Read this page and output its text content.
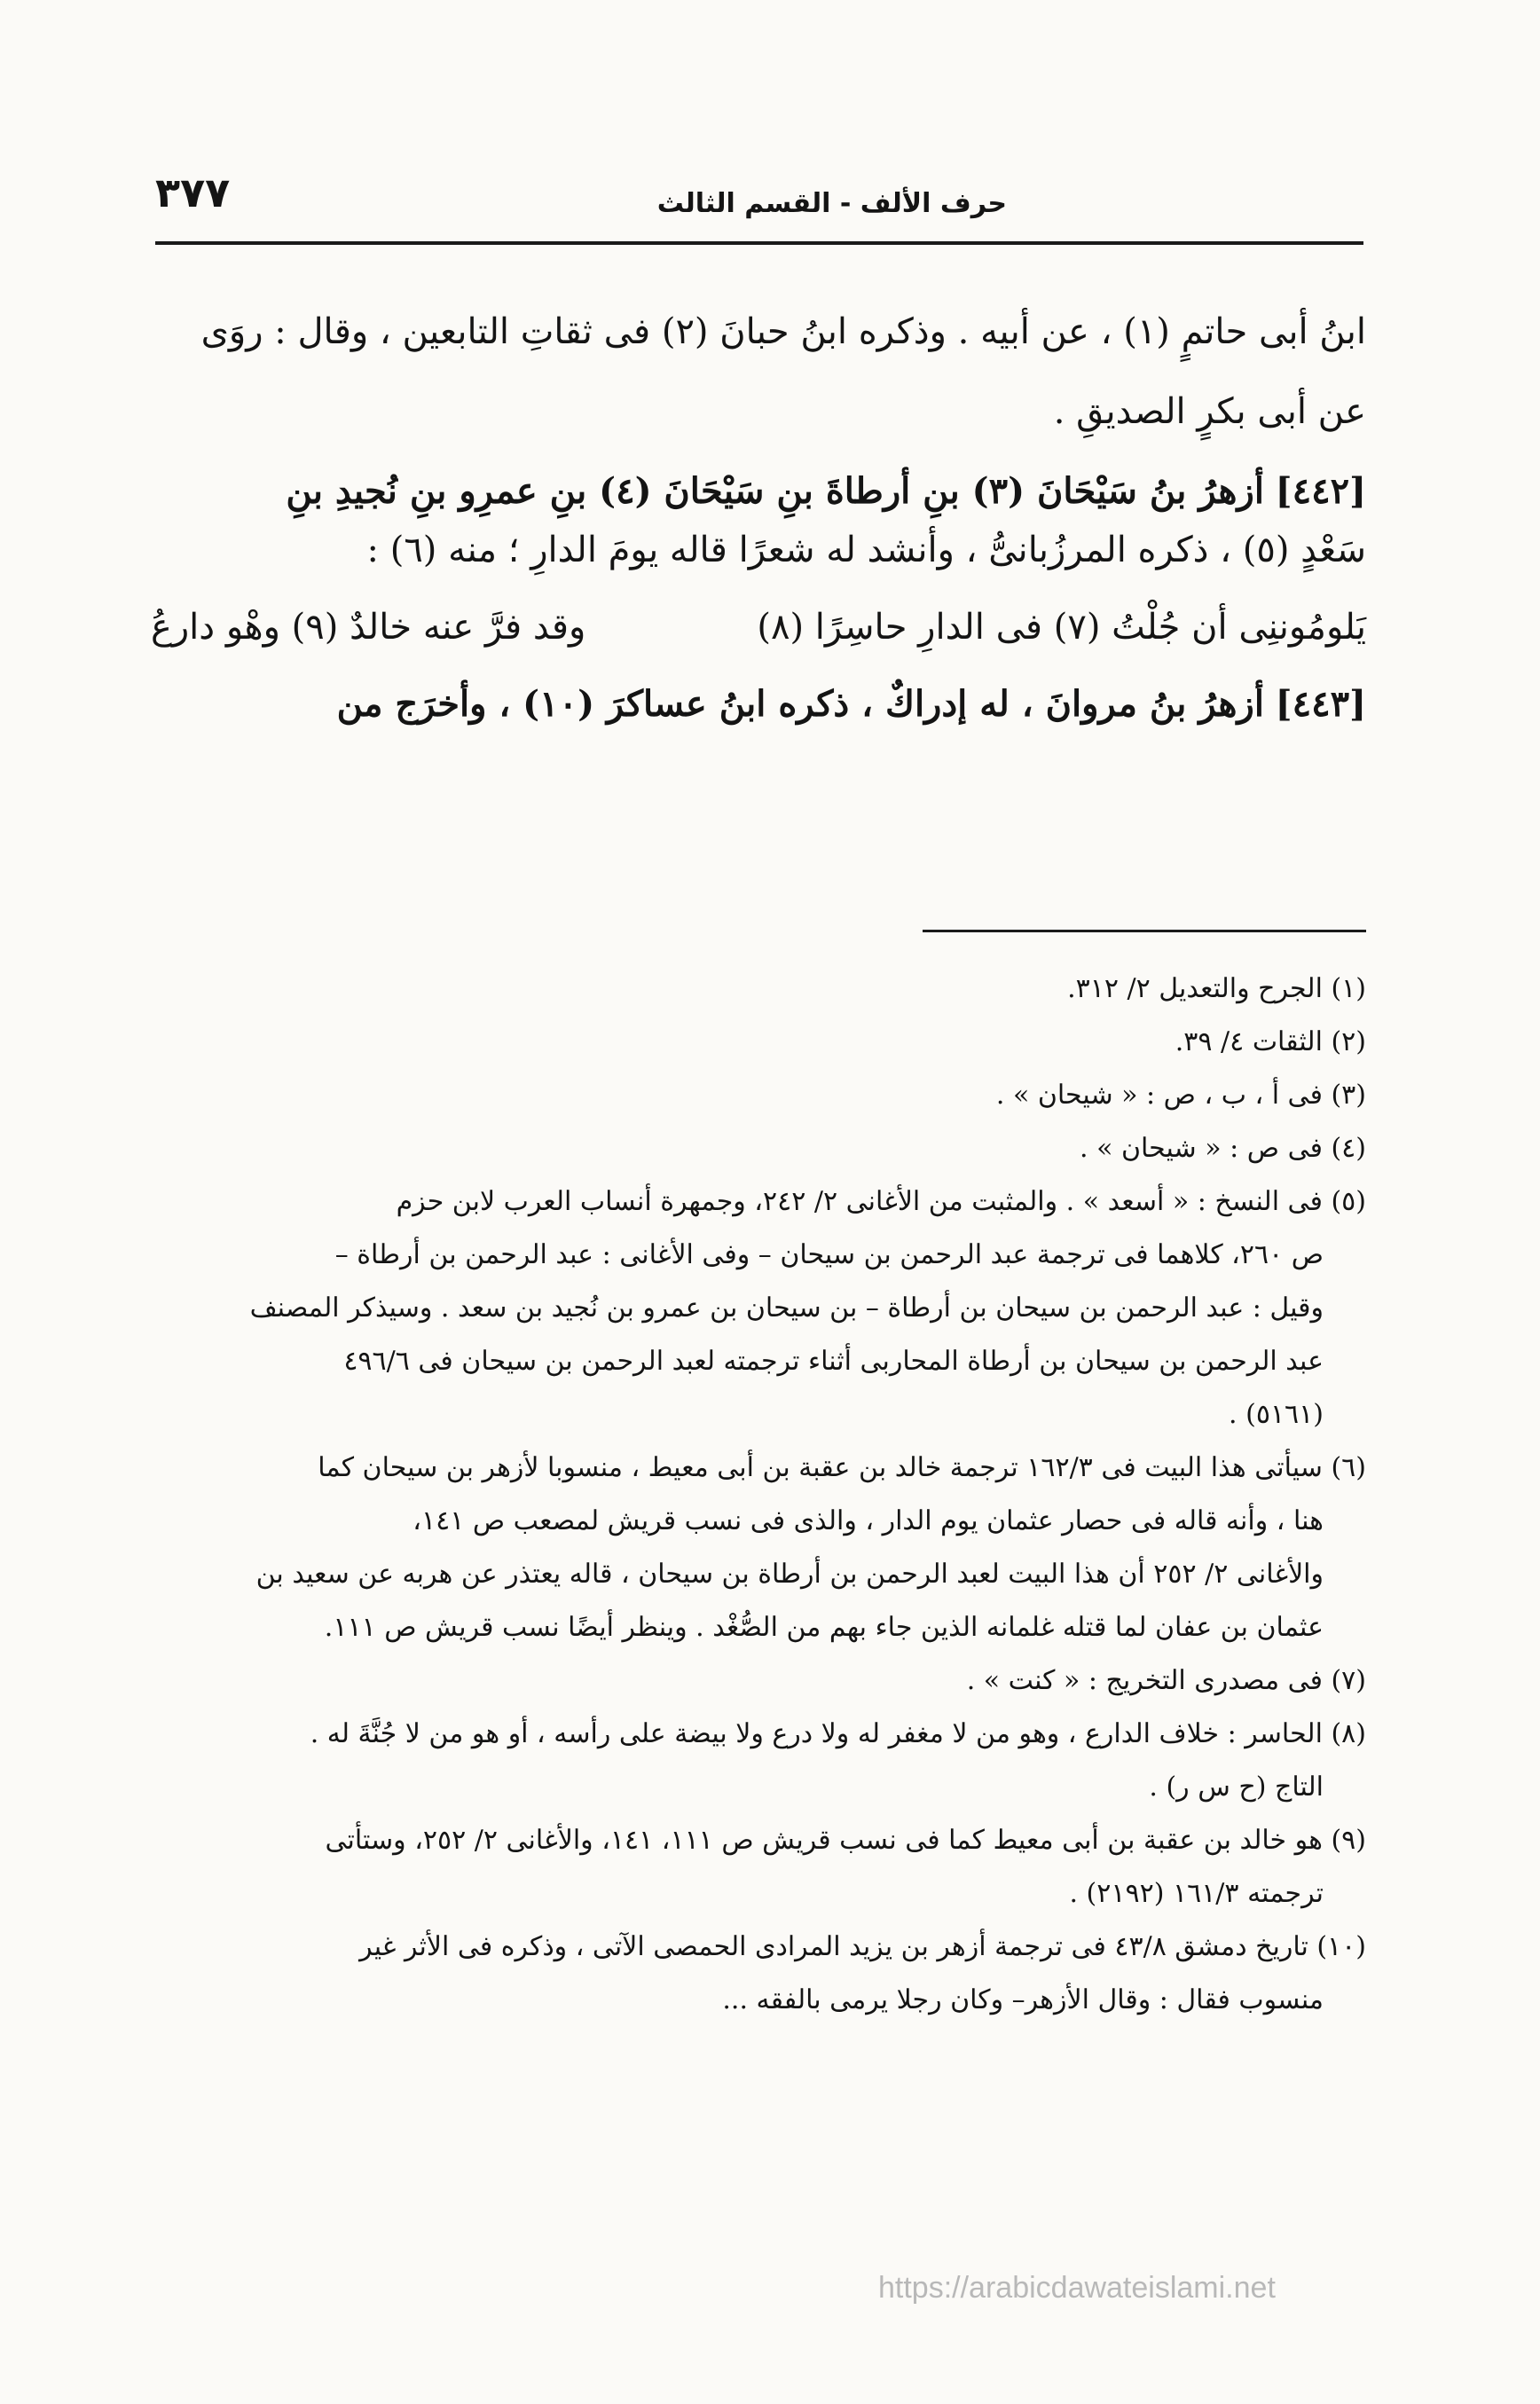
٣٧٧	حرف الألف - القسم الثالث
ابنُ أبى حاتمٍ (١) ، عن أبيه . وذكره ابنُ حبانَ (٢) فى ثقاتِ التابعين ، وقال : روَى
عن أبى بكرٍ الصديقِ .
[٤٤٢] أزهرُ بنُ سَيْحَانَ (٣) بنِ أرطاةَ بنِ سَيْحَانَ (٤) بنِ عمرِو بنِ نُجيدِ بنِ
سَعْدٍ (٥) ، ذكره المرزُبانىُّ ، وأنشد له شعرًا قاله يومَ الدارِ ؛ منه (٦) :
يَلومُوننِى أن جُلْتُ (٧) فى الدارِ حاسِرًا (٨)
وقد فرَّ عنه خالدٌ (٩) وهْو دارعُ
[٤٤٣] أزهرُ بنُ مروانَ ، له إدراكٌ ، ذكره ابنُ عساكرَ (١٠) ، وأخرَج من
(١) الجرح والتعديل ٢/ ٣١٢.
(٢) الثقات ٤/ ٣٩.
(٣) فى أ ، ب ، ص : « شيحان » .
(٤) فى ص : « شيحان » .
(٥) فى النسخ : « أسعد » . والمثبت من الأغانى ٢/ ٢٤٢، وجمهرة أنساب العرب لابن حزم
ص ٢٦٠، كلاهما فى ترجمة عبد الرحمن بن سيحان – وفى الأغانى : عبد الرحمن بن أرطاة –
وقيل : عبد الرحمن بن سيحان بن أرطاة – بن سيحان بن عمرو بن نُجيد بن سعد . وسيذكر المصنف
عبد الرحمن بن سيحان بن أرطاة المحاربى أثناء ترجمته لعبد الرحمن بن سيحان فى ٤٩٦/٦
(٥١٦١) .
(٦) سيأتى هذا البيت فى ١٦٢/٣ ترجمة خالد بن عقبة بن أبى معيط ، منسوبا لأزهر بن سيحان كما
هنا ، وأنه قاله فى حصار عثمان يوم الدار ، والذى فى نسب قريش لمصعب ص ١٤١،
والأغانى ٢/ ٢٥٢ أن هذا البيت لعبد الرحمن بن أرطاة بن سيحان ، قاله يعتذر عن هربه عن سعيد بن
عثمان بن عفان لما قتله غلمانه الذين جاء بهم من الصُّغْد . وينظر أيضًا نسب قريش ص ١١١.
(٧) فى مصدرى التخريج : « كنت » .
(٨) الحاسر : خلاف الدارع ، وهو من لا مغفر له ولا درع ولا بيضة على رأسه ، أو هو من لا جُنَّةَ له .
التاج (ح س ر) .
(٩) هو خالد بن عقبة بن أبى معيط كما فى نسب قريش ص ١١١، ١٤١، والأغانى ٢/ ٢٥٢، وستأتى
ترجمته ١٦١/٣ (٢١٩٢) .
(١٠) تاريخ دمشق ٤٣/٨ فى ترجمة أزهر بن يزيد المرادى الحمصى الآتى ، وذكره فى الأثر غير
منسوب فقال : وقال الأزهر– وكان رجلا يرمى بالفقه ...
https://arabicdawateislami.net
